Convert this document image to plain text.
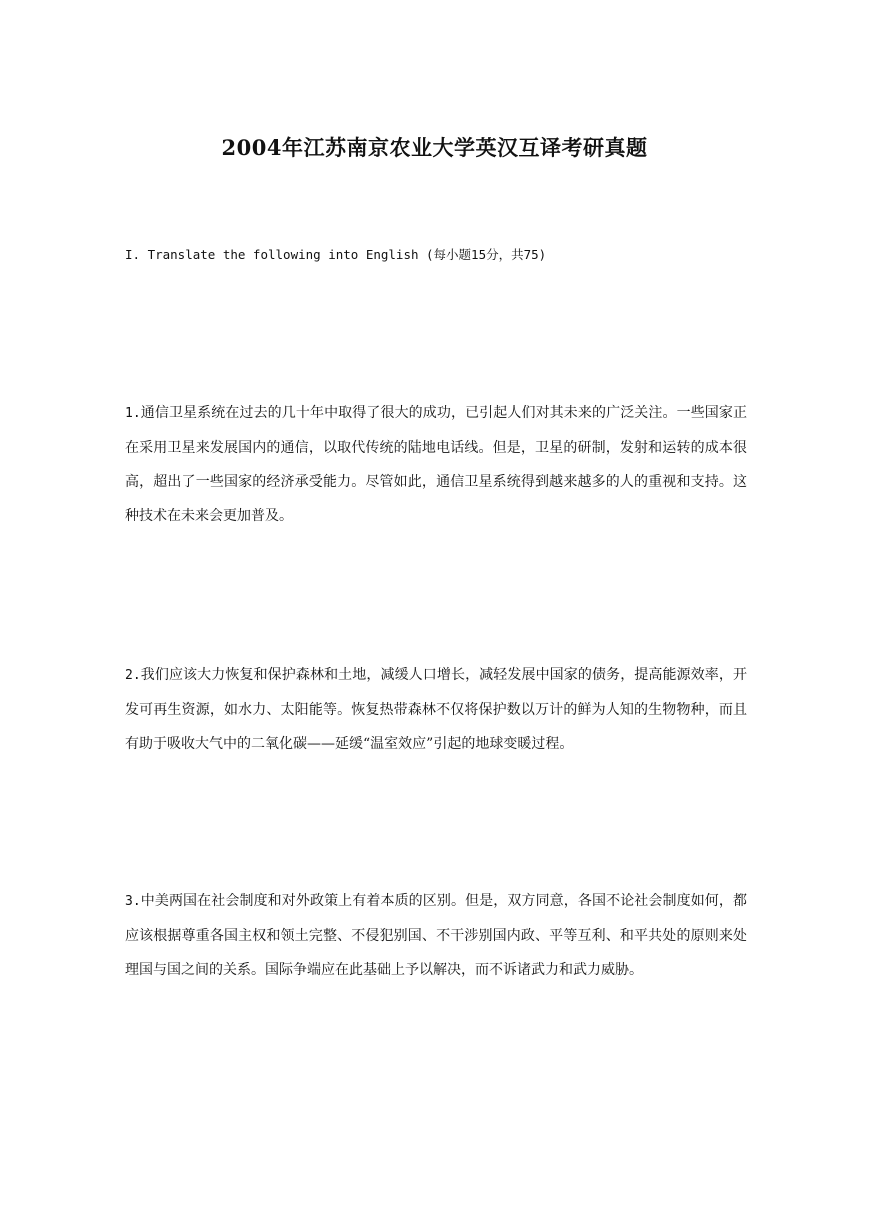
2004年江苏南京农业大学英汉互译考研真题

I. Translate the following into English (每小题15分，共75)

1.通信卫星系统在过去的几十年中取得了很大的成功，已引起人们对其未来的广泛关注。一些国家正在采用卫星来发展国内的通信，以取代传统的陆地电话线。但是，卫星的研制，发射和运转的成本很高，超出了一些国家的经济承受能力。尽管如此，通信卫星系统得到越来越多的人的重视和支持。这种技术在未来会更加普及。

2.我们应该大力恢复和保护森林和土地，减缓人口增长，减轻发展中国家的债务，提高能源效率，开发可再生资源，如水力、太阳能等。恢复热带森林不仅将保护数以万计的鲜为人知的生物物种，而且有助于吸收大气中的二氧化碳——延缓“温室效应”引起的地球变暖过程。

3.中美两国在社会制度和对外政策上有着本质的区别。但是，双方同意，各国不论社会制度如何，都应该根据尊重各国主权和领土完整、不侵犯别国、不干涉别国内政、平等互利、和平共处的原则来处理国与国之间的关系。国际争端应在此基础上予以解决，而不诉诸武力和武力威胁。
